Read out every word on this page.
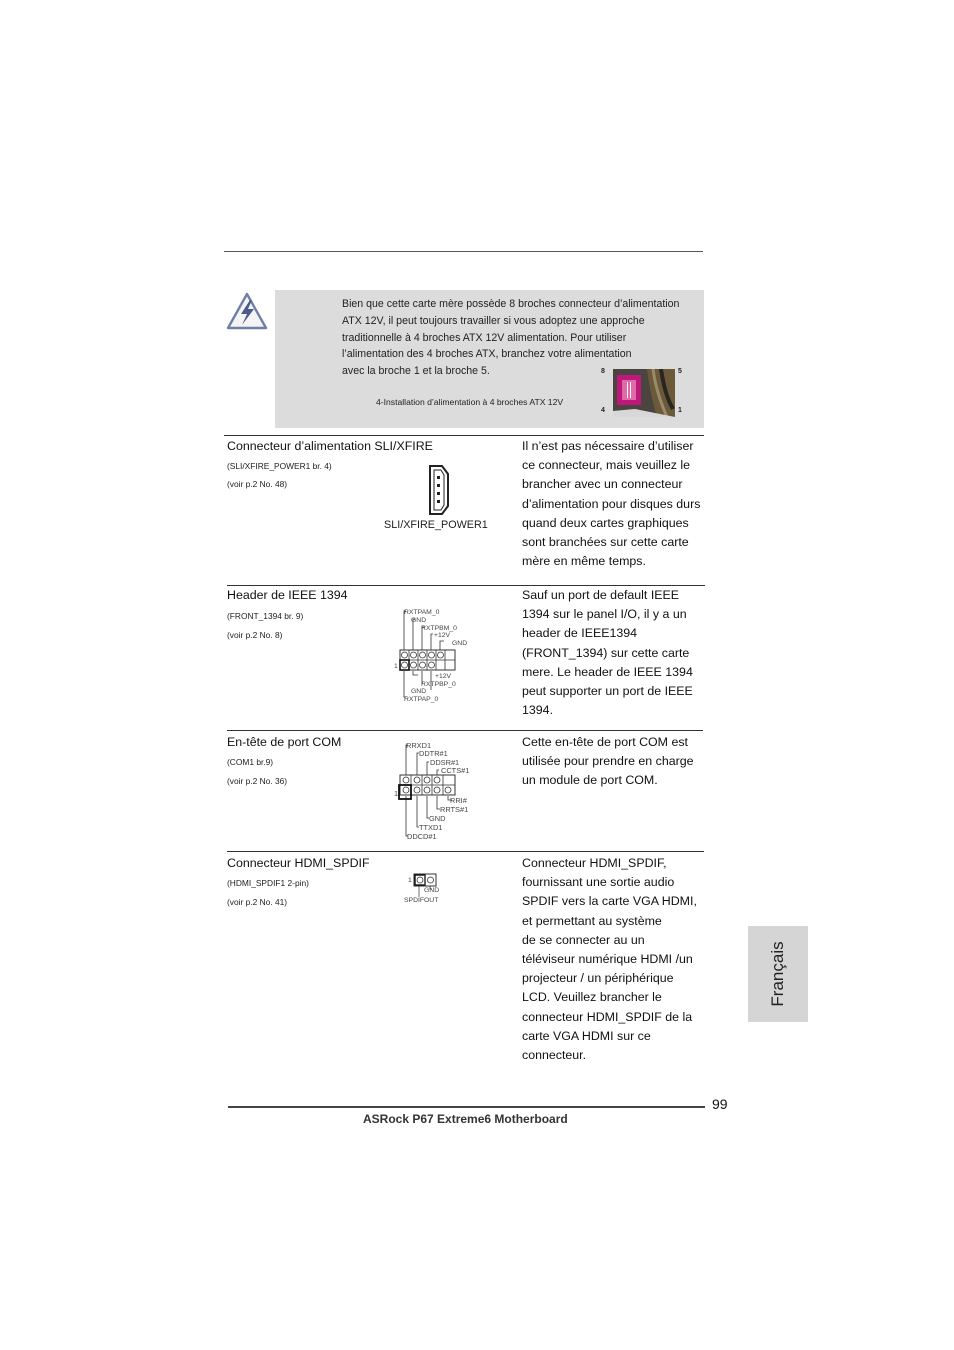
Bien que cette carte mère possède 8 broches connecteur d’alimentation
ATX 12V, il peut toujours travailler si vous adoptez une approche
traditionnelle à 4 broches ATX 12V alimentation. Pour utiliser
l’alimentation des 4 broches ATX, branchez votre alimentation
avec la broche 1 et la broche 5.
4-Installation d’alimentation à 4 broches ATX 12V
8	5
4	1
Connecteur d’alimentation SLI/XFIRE
(SLI/XFIRE_POWER1 br. 4)
(voir p.2 No. 48)
SLI/XFIRE_POWER1

Il n’est pas nécessaire d’utiliser

ce connecteur, mais veuillez le

brancher avec un connecteur

d’alimentation pour disques durs

quand deux cartes graphiques

sont branchées sur cette carte

mère en même temps.

Header de IEEE 1394
(FRONT_1394 br. 9)
(voir p.2 No. 8)
RXTPAM_0
GND
RXTPBM_0
+12V
GND
1
+12V
RXTPBP_0
GND
RXTPAP_0

Sauf un port de default IEEE

1394 sur le panel I/O, il y a un

header de IEEE1394

(FRONT_1394) sur cette carte

mere. Le header de IEEE 1394

peut supporter un port de IEEE

1394.

En-tête de port COM
(COM1 br.9)
(voir p.2 No. 36)
RRXD1
DDTR#1
DDSR#1
CCTS#1
1
RRI#
RRTS#1
GND
TTXD1
DDCD#1

Cette en-tête de port COM est

utilisée pour prendre en charge

un module de port COM.

Connecteur HDMI_SPDIF
(HDMI_SPDIF1 2-pin)
(voir p.2 No. 41)
1
GND
SPDIFOUT

Connecteur HDMI_SPDIF,

fournissant une sortie audio

SPDIF vers la carte VGA HDMI,

et permettant au système

de se connecter au un

téléviseur numérique HDMI /un

projecteur / un périphérique

LCD. Veuillez brancher le

connecteur HDMI_SPDIF de la

carte VGA HDMI sur ce

connecteur.

Français
99
ASRock P67 Extreme6 Motherboard
